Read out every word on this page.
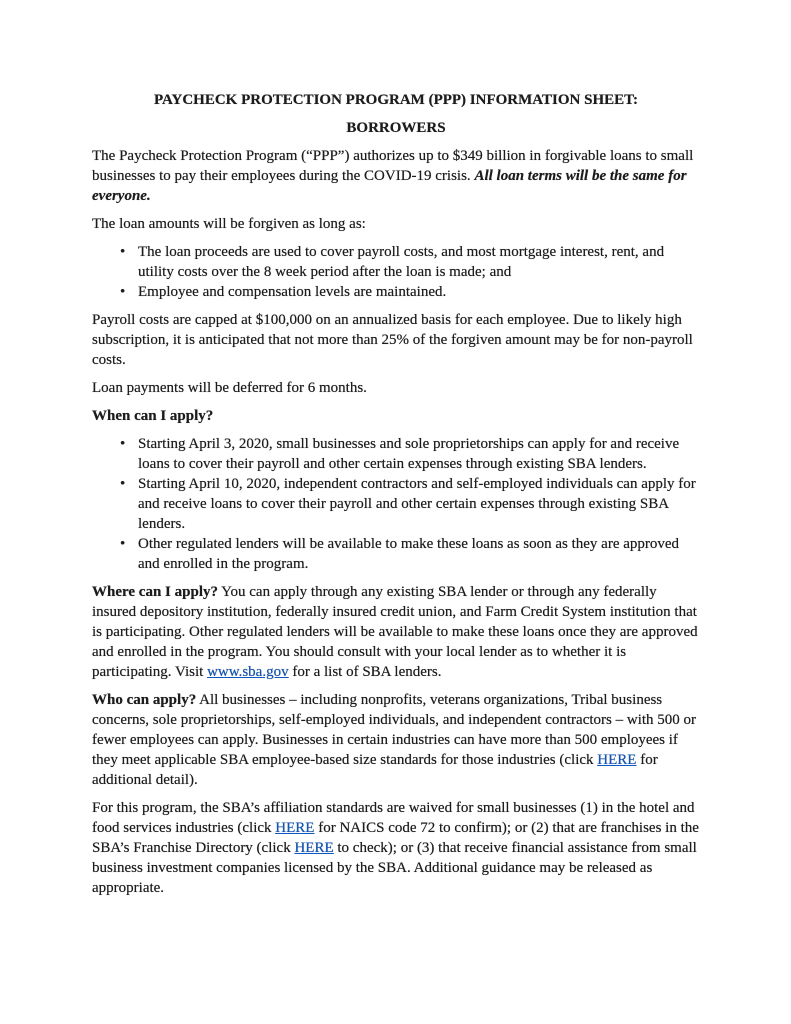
PAYCHECK PROTECTION PROGRAM (PPP) INFORMATION SHEET:

BORROWERS

The Paycheck Protection Program (“PPP”) authorizes up to $349 billion in forgivable loans to small businesses to pay their employees during the COVID-19 crisis. All loan terms will be the same for everyone.

The loan amounts will be forgiven as long as:

• The loan proceeds are used to cover payroll costs, and most mortgage interest, rent, and utility costs over the 8 week period after the loan is made; and
• Employee and compensation levels are maintained.

Payroll costs are capped at $100,000 on an annualized basis for each employee. Due to likely high subscription, it is anticipated that not more than 25% of the forgiven amount may be for non-payroll costs.

Loan payments will be deferred for 6 months.

When can I apply?

• Starting April 3, 2020, small businesses and sole proprietorships can apply for and receive loans to cover their payroll and other certain expenses through existing SBA lenders.
• Starting April 10, 2020, independent contractors and self-employed individuals can apply for and receive loans to cover their payroll and other certain expenses through existing SBA lenders.
• Other regulated lenders will be available to make these loans as soon as they are approved and enrolled in the program.

Where can I apply? You can apply through any existing SBA lender or through any federally insured depository institution, federally insured credit union, and Farm Credit System institution that is participating. Other regulated lenders will be available to make these loans once they are approved and enrolled in the program. You should consult with your local lender as to whether it is participating. Visit www.sba.gov for a list of SBA lenders.

Who can apply? All businesses – including nonprofits, veterans organizations, Tribal business concerns, sole proprietorships, self-employed individuals, and independent contractors – with 500 or fewer employees can apply. Businesses in certain industries can have more than 500 employees if they meet applicable SBA employee-based size standards for those industries (click HERE for additional detail).

For this program, the SBA’s affiliation standards are waived for small businesses (1) in the hotel and food services industries (click HERE for NAICS code 72 to confirm); or (2) that are franchises in the SBA’s Franchise Directory (click HERE to check); or (3) that receive financial assistance from small business investment companies licensed by the SBA. Additional guidance may be released as appropriate.
